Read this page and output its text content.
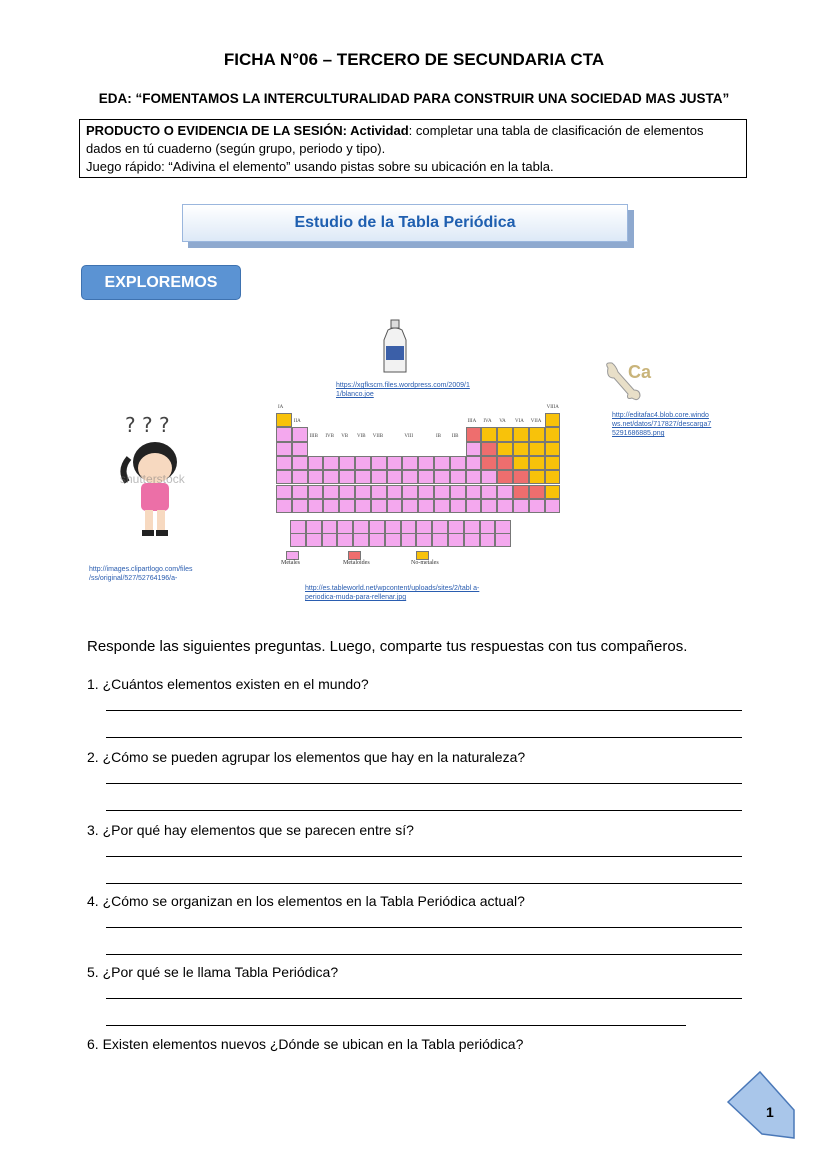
FICHA N°06 – TERCERO DE SECUNDARIA CTA
EDA: “FOMENTAMOS LA INTERCULTURALIDAD PARA CONSTRUIR UNA SOCIEDAD MAS JUSTA”
PRODUCTO O EVIDENCIA DE LA SESIÓN: Actividad: completar una tabla de clasificación de elementos dados en tú cuaderno (según grupo, periodo y tipo).
Juego rápido: “Adivina el elemento” usando pistas sobre su ubicación en la tabla.
Estudio de la Tabla Periódica
EXPLOREMOS
https://xgfkscm.files.wordpress.com/2009/1 1/blanco.joe
Ca
http://editafac4.blob.core.windo ws.net/datos/717827/descarga7 5291686885.png
? ? ?
shutterstock
http://images.clipartlogo.com/files /ss/original/527/52764196/a-
IA
IIA
IIIB IVB VB VIB VIIB	VIII	IB IIB
IIIA IVA VA VIA VIIA
VIIIA
Metales	Metaloides	No-metales
http://es.tableworld.net/wpcontent/uploads/sites/2/tabl a-periodica-muda-para-rellenar.jpg
Responde las siguientes preguntas. Luego, comparte tus respuestas con tus compañeros.
1
1. ¿Cuántos elementos existen en el mundo?
2. ¿Cómo se pueden agrupar los elementos que hay en la naturaleza?
3. ¿Por qué hay elementos que se parecen entre sí?
4. ¿Cómo se organizan en los elementos en la Tabla Periódica actual?
5. ¿Por qué se le llama Tabla Periódica?
6. Existen elementos nuevos ¿Dónde se ubican en la Tabla periódica?
